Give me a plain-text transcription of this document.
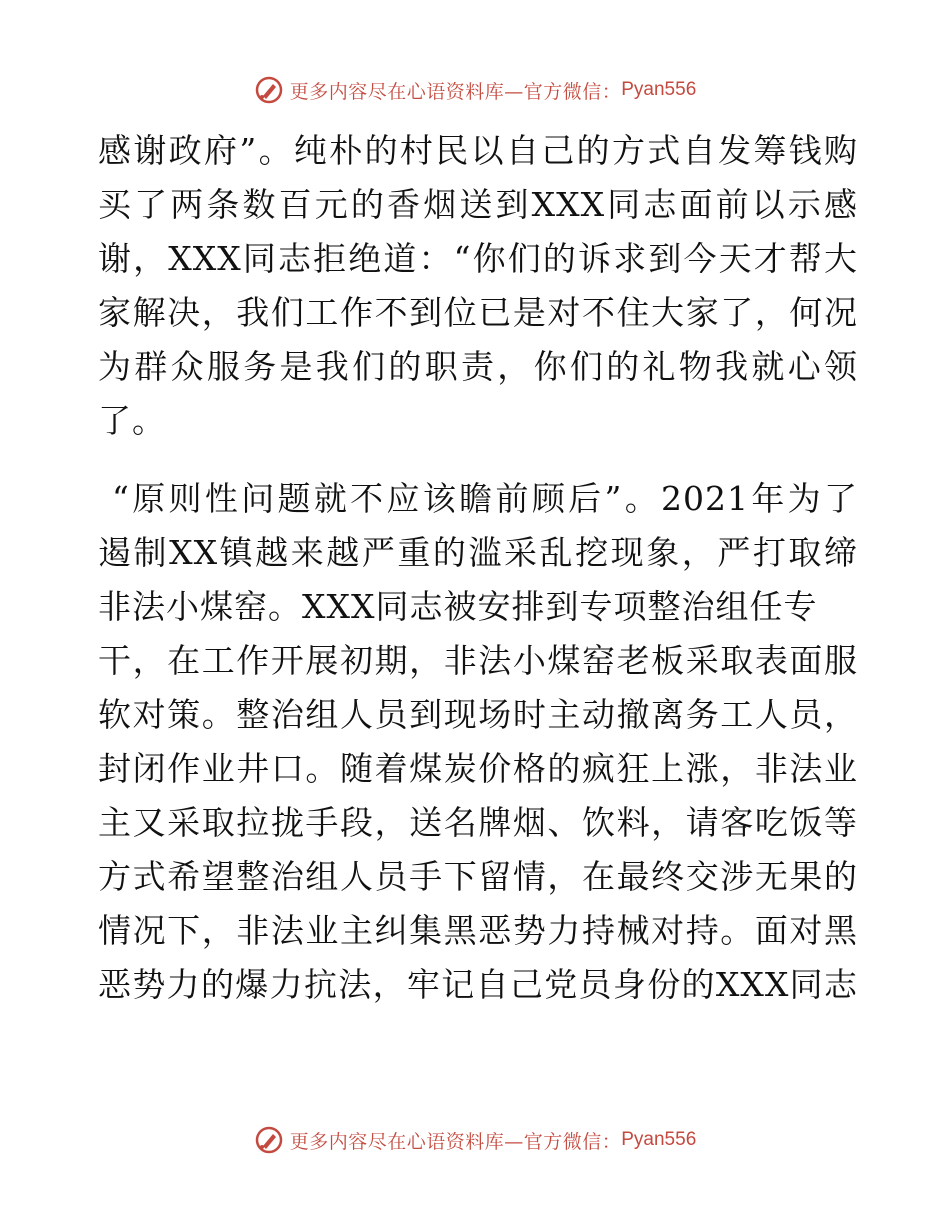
更多内容尽在心语资料库—官方微信： Pyan556
感谢政府”。纯朴的村民以自己的方式自发筹钱购
买了两条数百元的香烟送到XXX同志面前以示感
谢，XXX同志拒绝道：“你们的诉求到今天才帮大
家解决，我们工作不到位已是对不住大家了，何况
为群众服务是我们的职责，你们的礼物我就心领
了。
“原则性问题就不应该瞻前顾后”。2021年为了
遏制XX镇越来越严重的滥采乱挖现象，严打取缔
非法小煤窑。XXX同志被安排到专项整治组任专
干，在工作开展初期，非法小煤窑老板采取表面服
软对策。整治组人员到现场时主动撤离务工人员，
封闭作业井口。随着煤炭价格的疯狂上涨，非法业
主又采取拉拢手段，送名牌烟、饮料，请客吃饭等
方式希望整治组人员手下留情，在最终交涉无果的
情况下，非法业主纠集黑恶势力持械对持。面对黑
恶势力的爆力抗法，牢记自己党员身份的XXX同志
更多内容尽在心语资料库—官方微信： Pyan556
